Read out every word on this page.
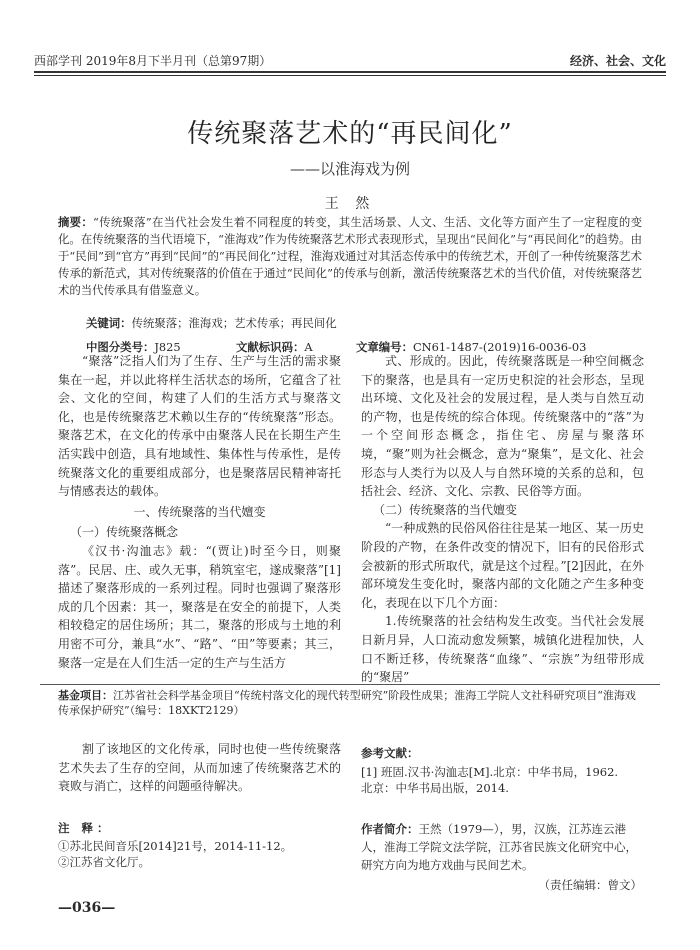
西部学刊 2019年8月下半月刊（总第97期）	经济、社会、文化
传统聚落艺术的“再民间化”
——以淮海戏为例
王 然
摘要：“传统聚落”在当代社会发生着不同程度的转变，其生活场景、人文、生活、文化等方面产生了一定程度的变化。在传统聚落的当代语境下，“淮海戏”作为传统聚落艺术形式表现形式，呈现出“民间化”与“再民间化”的趋势。由于“民间”到“官方”再到“民间”的“再民间化”过程，淮海戏通过对其活态传承中的传统艺术，开创了一种传统聚落艺术传承的新范式，其对传统聚落的价值在于通过“民间化”的传承与创新，激活传统聚落艺术的当代价值，对传统聚落艺术的当代传承具有借鉴意义。
关键词：传统聚落；淮海戏；艺术传承；再民间化
中图分类号：J825	文献标识码：A	文章编号：CN61-1487-(2019)16-0036-03

“聚落”泛指人们为了生存、生产与生活的需求聚集在一起，并以此将样生活状态的场所，它蕴含了社会、文化的空间，构建了人们的生活方式与聚落文化，也是传统聚落艺术赖以生存的“传统聚落”形态。聚落艺术，在文化的传承中由聚落人民在长期生产生活实践中创造，具有地域性、集体性与传承性，是传统聚落文化的重要组成部分，也是聚落居民精神寄托与情感表达的载体。

一、传统聚落的当代嬗变
（一）传统聚落概念

《汉书·沟洫志》载：“(贾让)时至今日，则聚落”。民居、庄、或久无事，稍筑室宅，遂成聚落”[1]描述了聚落形成的一系列过程。同时也强调了聚落形成的几个因素：其一，聚落是在安全的前提下，人类相较稳定的居住场所；其二，聚落的形成与土地的利用密不可分，兼具“水”、“路”、“田”等要素；其三，聚落一定是在人们生活一定的生产与生活方

式、形成的。因此，传统聚落既是一种空间概念下的聚落，也是具有一定历史积淀的社会形态，呈现出环境、文化及社会的发展过程，是人类与自然互动的产物，也是传统的综合体现。传统聚落中的“落”为一个空间形态概念，指住宅、房屋与聚落环境，“聚”则为社会概念，意为“聚集”，是文化、社会形态与人类行为以及人与自然环境的关系的总和，包括社会、经济、文化、宗教、民俗等方面。

（二）传统聚落的当代嬗变

“一种成熟的民俗风俗往往是某一地区、某一历史阶段的产物，在条件改变的情况下，旧有的民俗形式会被新的形式所取代，就是这个过程。”[2]因此，在外部环境发生变化时，聚落内部的文化随之产生多种变化，表现在以下几个方面：

1.传统聚落的社会结构发生改变。当代社会发展日新月异，人口流动愈发频繁，城镇化进程加快，人口不断迁移，传统聚落“血缘”、“宗族”为纽带形成的“聚居”

基金项目：江苏省社会科学基金项目“传统村落文化的现代转型研究”阶段性成果；淮海工学院人文社科研究项目“淮海戏传承保护研究”（编号：18XKT2129）

割了该地区的文化传承，同时也使一些传统聚落艺术失去了生存的空间，从而加速了传统聚落艺术的衰败与消亡，这样的问题亟待解决。

注 释：
①苏北民间音乐[2014]21号，2014-11-12。
②江苏省文化厅。
参考文献：
[1] 班固.汉书·沟洫志[M].北京：中华书局，1962.
北京：中华书局出版，2014.
作者简介：王然（1979—），男，汉族，江苏连云港人，淮海工学院文法学院，江苏省民族文化研究中心，研究方向为地方戏曲与民间艺术。
（责任编辑：曾文）
—036—
